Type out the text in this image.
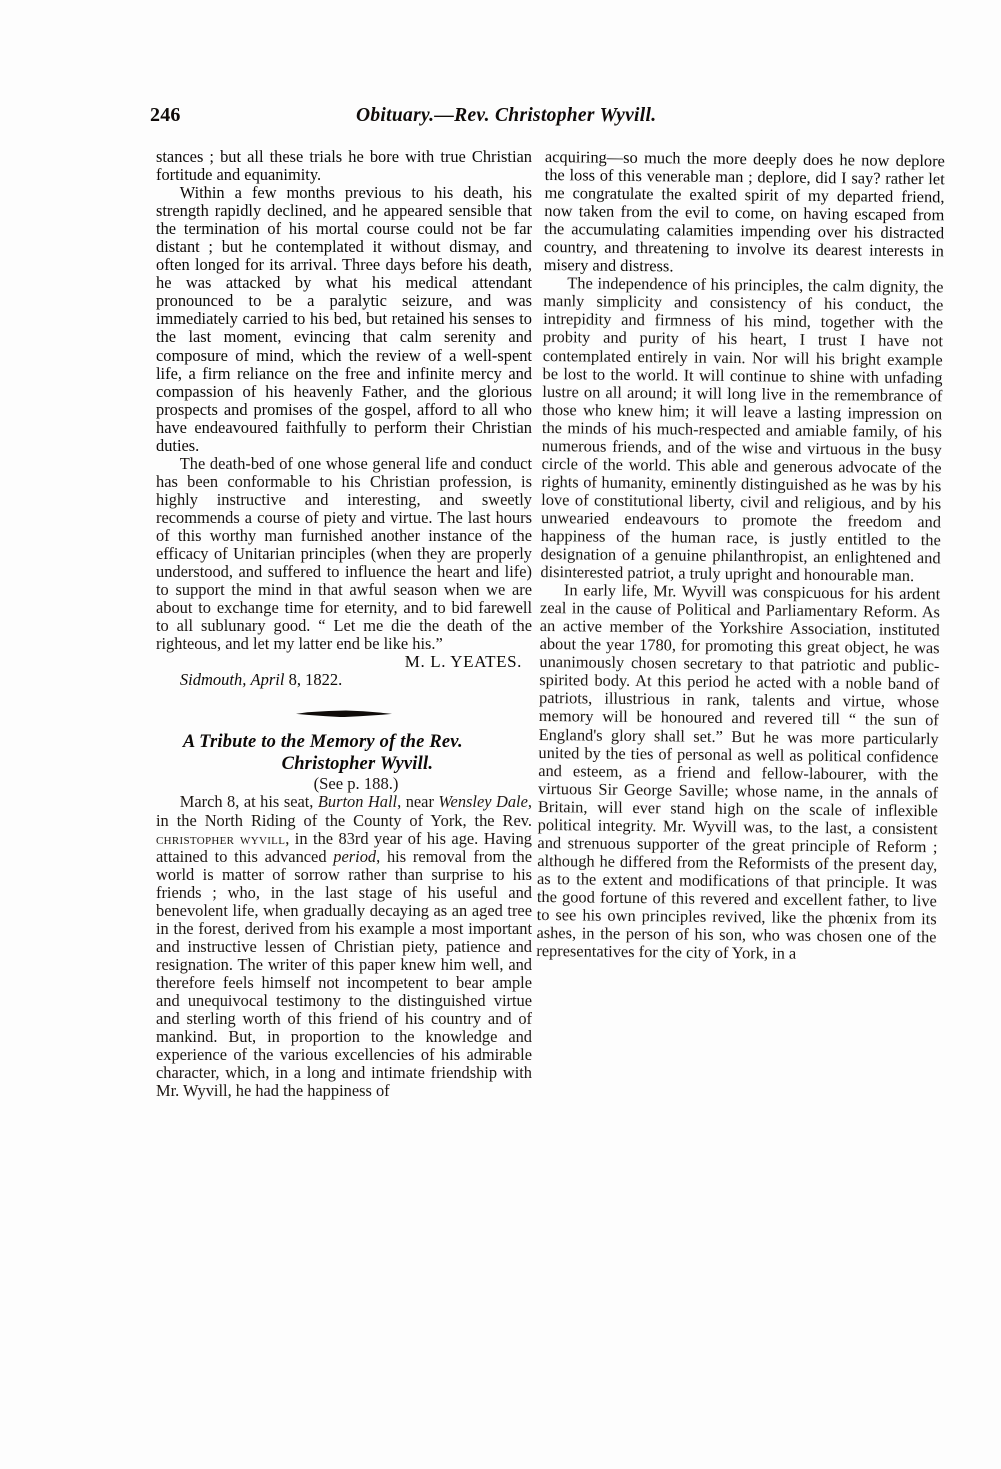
246	Obituary.—Rev. Christopher Wyvill.

stances ; but all these trials he bore with true Christian fortitude and equanimity.

Within a few months previous to his death, his strength rapidly declined, and he appeared sensible that the termination of his mortal course could not be far distant ; but he contemplated it without dismay, and often longed for its arrival. Three days before his death, he was attacked by what his medical attendant pronounced to be a paralytic seizure, and was immediately carried to his bed, but retained his senses to the last moment, evincing that calm serenity and composure of mind, which the review of a well-spent life, a firm reliance on the free and infinite mercy and compassion of his heavenly Father, and the glorious prospects and promises of the gospel, afford to all who have endeavoured faithfully to perform their Christian duties.

The death-bed of one whose general life and conduct has been conformable to his Christian profession, is highly instructive and interesting, and sweetly recommends a course of piety and virtue. The last hours of this worthy man furnished another instance of the efficacy of Unitarian principles (when they are properly understood, and suffered to influence the heart and life) to support the mind in that awful season when we are about to exchange time for eternity, and to bid farewell to all sublunary good. “ Let me die the death of the righteous, and let my latter end be like his.”

M. L. YEATES.

Sidmouth, April 8, 1822.

A Tribute to the Memory of the Rev.
Christopher Wyvill.

(See p. 188.)

March 8, at his seat, Burton Hall, near Wensley Dale, in the North Riding of the County of York, the Rev. christopher wyvill, in the 83rd year of his age. Having attained to this advanced period, his removal from the world is matter of sorrow rather than surprise to his friends ; who, in the last stage of his useful and benevolent life, when gradually decaying as an aged tree in the forest, derived from his example a most important and instructive lessen of Christian piety, patience and resignation. The writer of this paper knew him well, and therefore feels himself not incompetent to bear ample and unequivocal testimony to the distinguished virtue and sterling worth of this friend of his country and of mankind. But, in proportion to the knowledge and experience of the various excellencies of his admirable character, which, in a long and intimate friendship with Mr. Wyvill, he had the happiness of

acquiring—so much the more deeply does he now deplore the loss of this venerable man ; deplore, did I say? rather let me congratulate the exalted spirit of my departed friend, now taken from the evil to come, on having escaped from the accumulating calamities impending over his distracted country, and threatening to involve its dearest interests in misery and distress.

The independence of his principles, the calm dignity, the manly simplicity and consistency of his conduct, the intrepidity and firmness of his mind, together with the probity and purity of his heart, I trust I have not contemplated entirely in vain. Nor will his bright example be lost to the world. It will continue to shine with unfading lustre on all around; it will long live in the remembrance of those who knew him; it will leave a lasting impression on the minds of his much-respected and amiable family, of his numerous friends, and of the wise and virtuous in the busy circle of the world. This able and generous advocate of the rights of humanity, eminently distinguished as he was by his love of constitutional liberty, civil and religious, and by his unwearied endeavours to promote the freedom and happiness of the human race, is justly entitled to the designation of a genuine philanthropist, an enlightened and disinterested patriot, a truly upright and honourable man.

In early life, Mr. Wyvill was conspicuous for his ardent zeal in the cause of Political and Parliamentary Reform. As an active member of the Yorkshire Association, instituted about the year 1780, for promoting this great object, he was unanimously chosen secretary to that patriotic and public-spirited body. At this period he acted with a noble band of patriots, illustrious in rank, talents and virtue, whose memory will be honoured and revered till “ the sun of England's glory shall set.” But he was more particularly united by the ties of personal as well as political confidence and esteem, as a friend and fellow-labourer, with the virtuous Sir George Saville; whose name, in the annals of Britain, will ever stand high on the scale of inflexible political integrity. Mr. Wyvill was, to the last, a consistent and strenuous supporter of the great principle of Reform ; although he differed from the Reformists of the present day, as to the extent and modifications of that principle. It was the good fortune of this revered and excellent father, to live to see his own principles revived, like the phœnix from its ashes, in the person of his son, who was chosen one of the representatives for the city of York, in a
